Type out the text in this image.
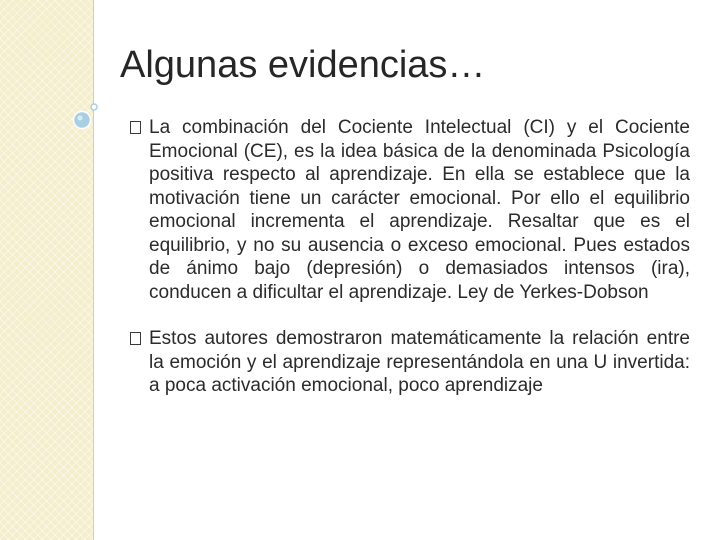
Algunas evidencias…
La combinación del Cociente Intelectual (CI) y el Cociente Emocional (CE), es la idea básica de la denominada Psicología positiva respecto al aprendizaje. En ella se establece que la motivación tiene un carácter emocional. Por ello el equilibrio emocional incrementa el aprendizaje. Resaltar que es el equilibrio, y no su ausencia o exceso emocional. Pues estados de ánimo bajo (depresión) o demasiados intensos (ira), conducen a dificultar el aprendizaje. Ley de Yerkes-Dobson
Estos autores demostraron matemáticamente la relación entre la emoción y el aprendizaje representándola en una U invertida: a poca activación emocional, poco aprendizaje
